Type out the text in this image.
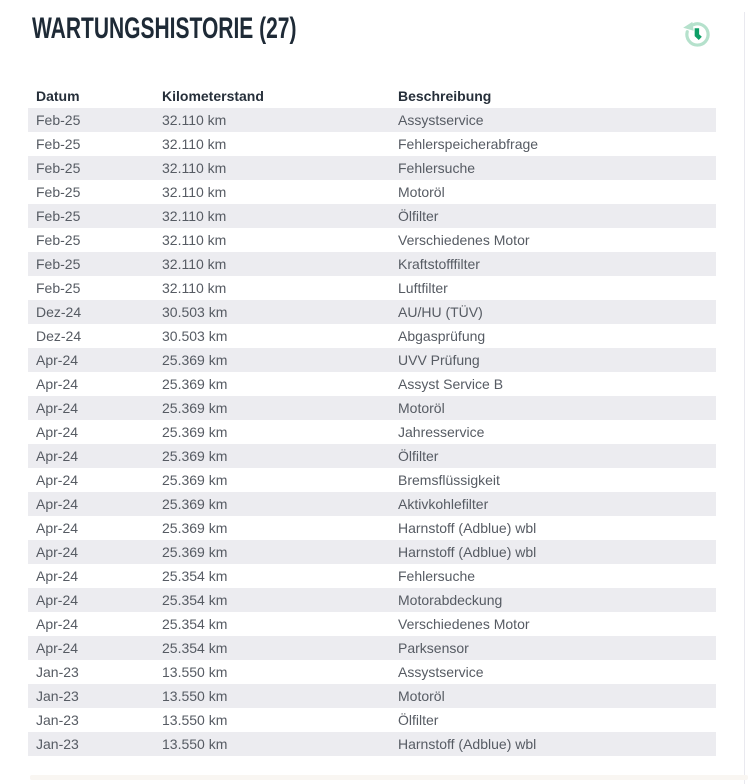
WARTUNGSHISTORIE (27)
Datum	Kilometerstand	Beschreibung
Feb-25	32.110 km	Assystservice
Feb-25	32.110 km	Fehlerspeicherabfrage
Feb-25	32.110 km	Fehlersuche
Feb-25	32.110 km	Motoröl
Feb-25	32.110 km	Ölfilter
Feb-25	32.110 km	Verschiedenes Motor
Feb-25	32.110 km	Kraftstofffilter
Feb-25	32.110 km	Luftfilter
Dez-24	30.503 km	AU/HU (TÜV)
Dez-24	30.503 km	Abgasprüfung
Apr-24	25.369 km	UVV Prüfung
Apr-24	25.369 km	Assyst Service B
Apr-24	25.369 km	Motoröl
Apr-24	25.369 km	Jahresservice
Apr-24	25.369 km	Ölfilter
Apr-24	25.369 km	Bremsflüssigkeit
Apr-24	25.369 km	Aktivkohlefilter
Apr-24	25.369 km	Harnstoff (Adblue) wbl
Apr-24	25.369 km	Harnstoff (Adblue) wbl
Apr-24	25.354 km	Fehlersuche
Apr-24	25.354 km	Motorabdeckung
Apr-24	25.354 km	Verschiedenes Motor
Apr-24	25.354 km	Parksensor
Jan-23	13.550 km	Assystservice
Jan-23	13.550 km	Motoröl
Jan-23	13.550 km	Ölfilter
Jan-23	13.550 km	Harnstoff (Adblue) wbl
